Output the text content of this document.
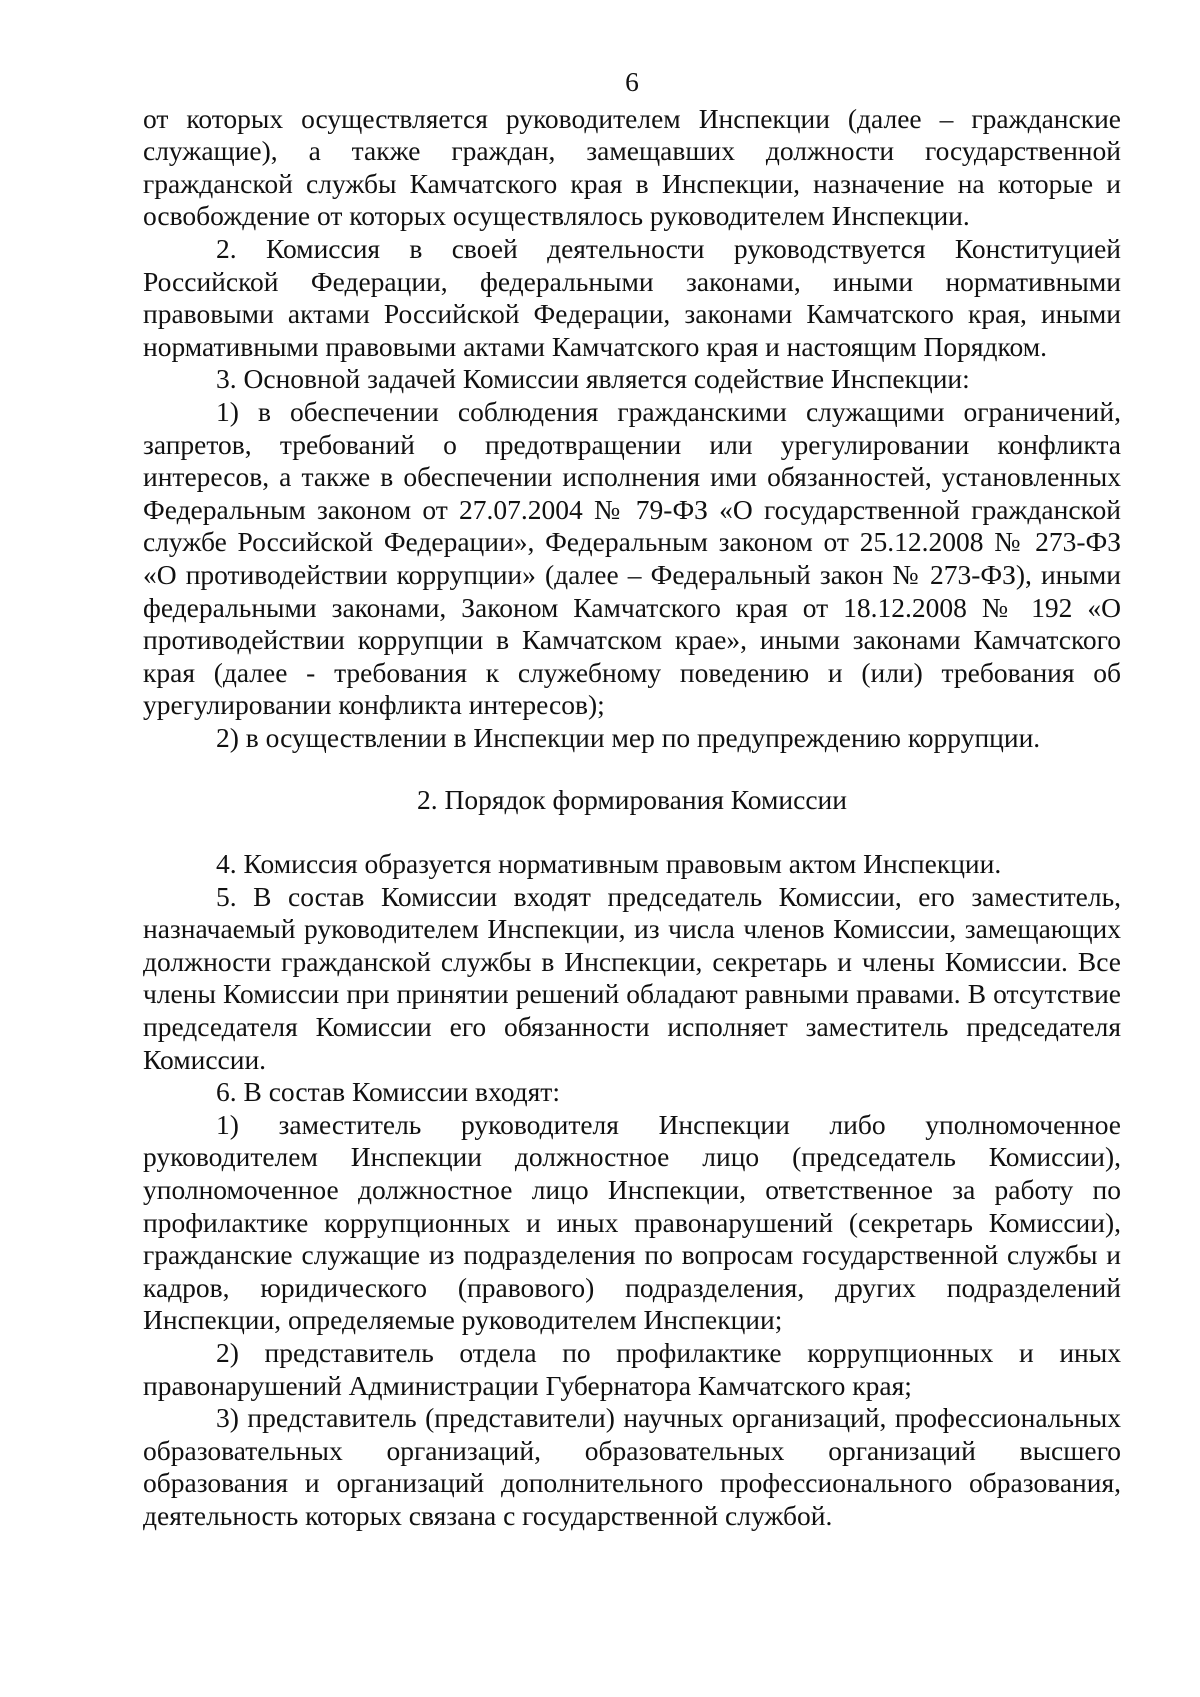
6

от которых осуществляется руководителем Инспекции (далее – гражданские служащие), а также граждан, замещавших должности государственной гражданской службы Камчатского края в Инспекции, назначение на которые и освобождение от которых осуществлялось руководителем Инспекции.

2. Комиссия в своей деятельности руководствуется Конституцией Российской Федерации, федеральными законами, иными нормативными правовыми актами Российской Федерации, законами Камчатского края, иными нормативными правовыми актами Камчатского края и настоящим Порядком.

3. Основной задачей Комиссии является содействие Инспекции:

1) в обеспечении соблюдения гражданскими служащими ограничений, запретов, требований о предотвращении или урегулировании конфликта интересов, а также в обеспечении исполнения ими обязанностей, установленных Федеральным законом от 27.07.2004 № 79-ФЗ «О государственной гражданской службе Российской Федерации», Федеральным законом от 25.12.2008 № 273-ФЗ «О противодействии коррупции» (далее – Федеральный закон № 273-ФЗ), иными федеральными законами, Законом Камчатского края от 18.12.2008 № 192 «О противодействии коррупции в Камчатском крае», иными законами Камчатского края (далее - требования к служебному поведению и (или) требования об урегулировании конфликта интересов);

2) в осуществлении в Инспекции мер по предупреждению коррупции.

2. Порядок формирования Комиссии

4. Комиссия образуется нормативным правовым актом Инспекции.

5. В состав Комиссии входят председатель Комиссии, его заместитель, назначаемый руководителем Инспекции, из числа членов Комиссии, замещающих должности гражданской службы в Инспекции, секретарь и члены Комиссии. Все члены Комиссии при принятии решений обладают равными правами. В отсутствие председателя Комиссии его обязанности исполняет заместитель председателя Комиссии.

6. В состав Комиссии входят:

1) заместитель руководителя Инспекции либо уполномоченное руководителем Инспекции должностное лицо (председатель Комиссии), уполномоченное должностное лицо Инспекции, ответственное за работу по профилактике коррупционных и иных правонарушений (секретарь Комиссии), гражданские служащие из подразделения по вопросам государственной службы и кадров, юридического (правового) подразделения, других подразделений Инспекции, определяемые руководителем Инспекции;

2) представитель отдела по профилактике коррупционных и иных правонарушений Администрации Губернатора Камчатского края;

3) представитель (представители) научных организаций, профессиональных образовательных организаций, образовательных организаций высшего образования и организаций дополнительного профессионального образования, деятельность которых связана с государственной службой.
